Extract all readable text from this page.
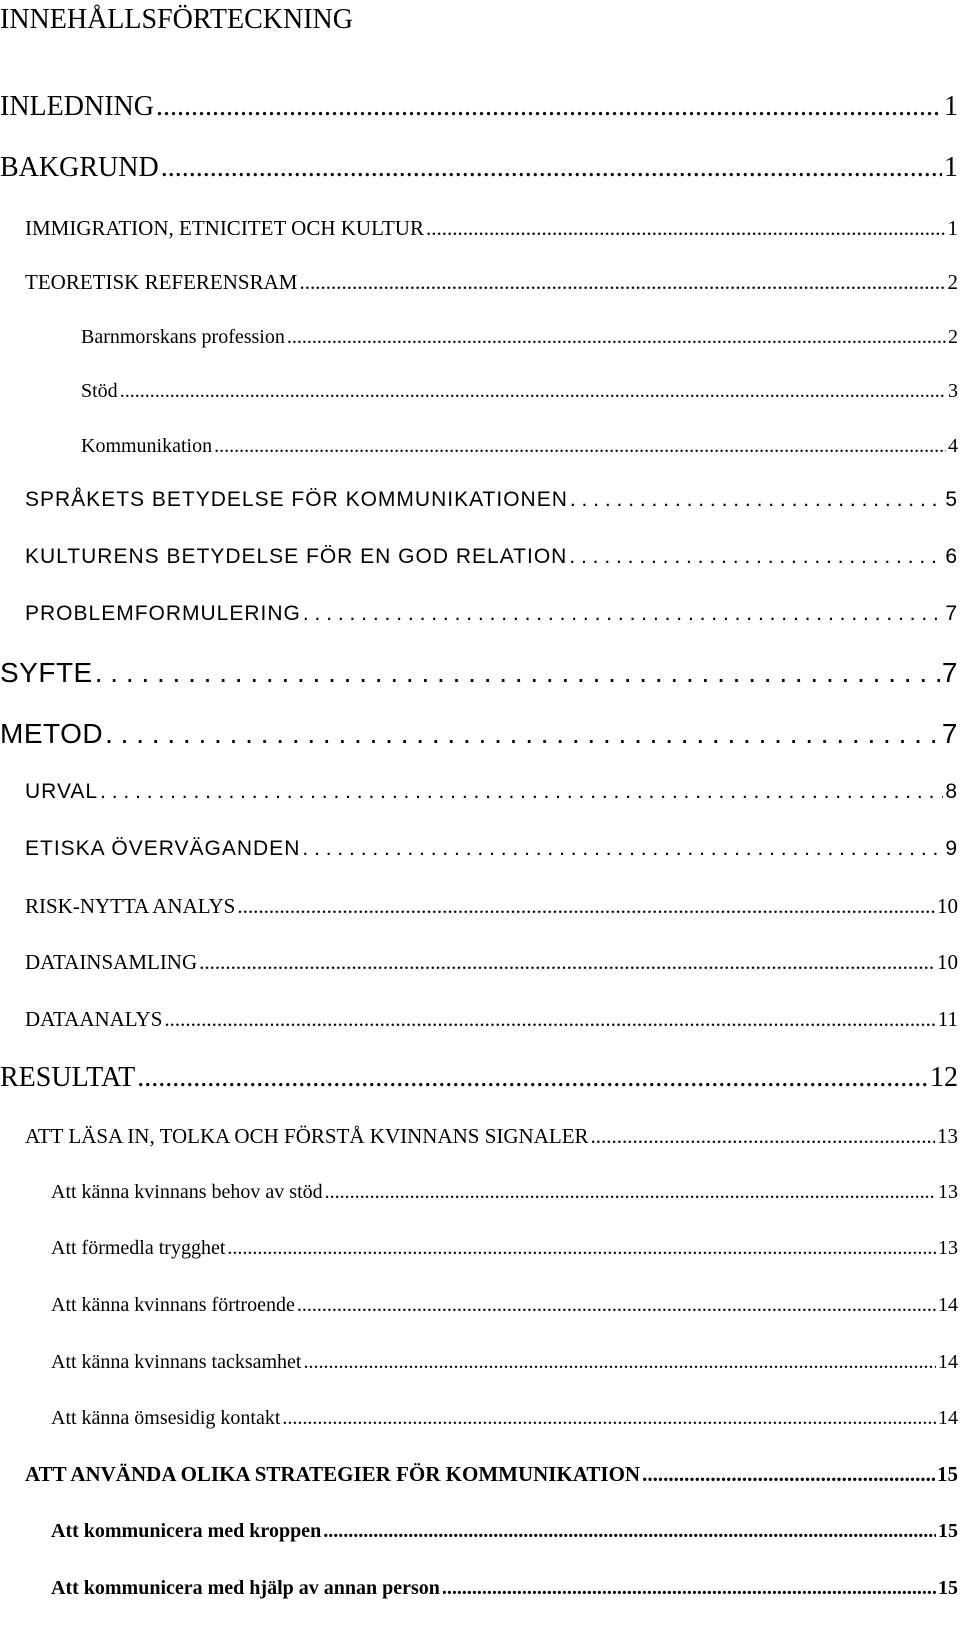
INNEHÅLLSFÖRTECKNING
INLEDNING .....	1
BAKGRUND .....	1
IMMIGRATION, ETNICITET OCH KULTUR .....	1
TEORETISK REFERENSRAM .....	2
Barnmorskans profession .....	2
Stöd .....	3
Kommunikation .....	4
SPRÅKETS BETYDELSE FÖR KOMMUNIKATIONEN . . .	5
KULTURENS BETYDELSE FÖR EN GOD RELATION . . .	6
PROBLEMFORMULERING . . .	7
SYFTE . . .	7
METOD . . .	7
URVAL . . .	8
ETISKA ÖVERVÄGANDEN . . .	9
RISK-NYTTA ANALYS .....	10
DATAINSAMLING .....	10
DATAANALYS .....	11
RESULTAT .....	12
ATT LÄSA IN, TOLKA OCH FÖRSTÅ KVINNANS SIGNALER .....	13
Att känna kvinnans behov av stöd .....	13
Att förmedla trygghet .....	13
Att känna kvinnans förtroende .....	14
Att känna kvinnans tacksamhet .....	14
Att känna ömsesidig kontakt .....	14
ATT ANVÄNDA OLIKA STRATEGIER FÖR KOMMUNIKATION .....	15
Att kommunicera med kroppen .....	15
Att kommunicera med hjälp av annan person .....	15
